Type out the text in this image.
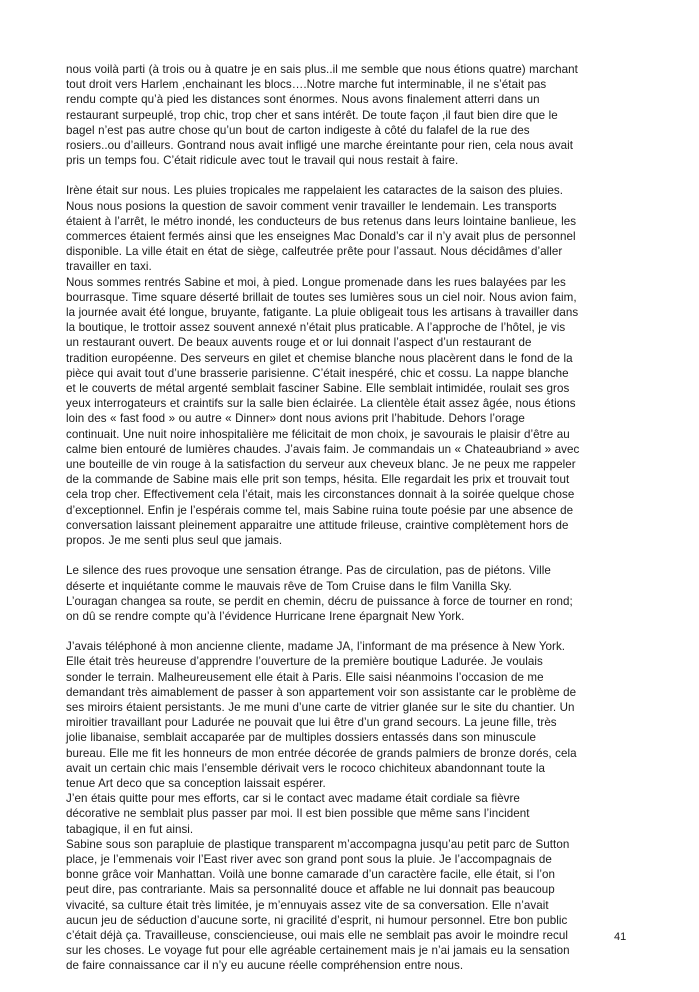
nous voilà parti (à trois ou à quatre je en sais plus..il me semble que nous étions quatre) marchant
tout droit vers Harlem ,enchainant les blocs….Notre marche fut interminable, il ne s’était pas
rendu compte qu’à pied les distances sont énormes. Nous avons finalement atterri dans un
restaurant surpeuplé, trop chic, trop cher et sans intérêt. De toute façon ,il faut bien dire que le
bagel n’est pas autre chose qu’un bout de carton indigeste à côté du falafel de la rue des
rosiers..ou d’ailleurs. Gontrand nous avait infligé une marche éreintante pour rien, cela nous avait
pris un temps fou. C’était ridicule avec tout le travail qui nous restait à faire.

Irène était sur nous. Les pluies tropicales me rappelaient les cataractes de la saison des pluies.
Nous nous posions la question de savoir comment venir travailler le lendemain. Les transports
étaient à l’arrêt, le métro inondé, les conducteurs de bus retenus dans leurs lointaine banlieue, les
commerces étaient fermés ainsi que les enseignes Mac Donald’s car il n’y avait plus de personnel
disponible. La ville était en état de siège, calfeutrée prête pour l’assaut. Nous décidâmes d’aller
travailler en taxi.
Nous sommes rentrés Sabine et moi, à pied. Longue promenade dans les rues balayées par les
bourrasque. Time square déserté brillait de toutes ses lumières sous un ciel noir. Nous avion faim,
la journée avait été longue, bruyante, fatigante. La pluie obligeait tous les artisans à travailler dans
la boutique, le trottoir assez souvent annexé n’était plus praticable. A l’approche de l’hôtel, je vis
un restaurant ouvert. De beaux auvents rouge et or lui donnait l’aspect d’un restaurant de
tradition européenne. Des serveurs en gilet et chemise blanche nous placèrent dans le fond de la
pièce qui avait tout d’une brasserie parisienne. C’était inespéré, chic et cossu. La nappe blanche
et le couverts de métal argenté semblait fasciner Sabine. Elle semblait intimidée, roulait ses gros
yeux interrogateurs et craintifs sur la salle bien éclairée. La clientèle était assez âgée, nous étions
loin des « fast food » ou autre « Dinner» dont nous avions prit l’habitude. Dehors l’orage
continuait. Une nuit noire inhospitalière me félicitait de mon choix, je savourais le plaisir d’être au
calme bien entouré de lumières chaudes. J’avais faim. Je commandais un « Chateaubriand » avec
une bouteille de vin rouge à la satisfaction du serveur aux cheveux blanc. Je ne peux me rappeler
de la commande de Sabine mais elle prit son temps, hésita. Elle regardait les prix et trouvait tout
cela trop cher. Effectivement cela l’était, mais les circonstances donnait à la soirée quelque chose
d’exceptionnel. Enfin je l’espérais comme tel, mais Sabine ruina toute poésie par une absence de
conversation laissant pleinement apparaitre une attitude frileuse, craintive complètement hors de
propos. Je me senti plus seul que jamais.

Le silence des rues provoque une sensation étrange. Pas de circulation, pas de piétons. Ville
déserte et inquiétante comme le mauvais rêve de Tom Cruise dans le film Vanilla Sky.
L’ouragan changea sa route, se perdit en chemin, décru de puissance à force de tourner en rond;
on dû se rendre compte qu’à l’évidence Hurricane Irene épargnait New York.

J’avais téléphoné à mon ancienne cliente, madame JA, l’informant de ma présence à New York.
Elle était très heureuse d’apprendre l’ouverture de la première boutique Ladurée. Je voulais
sonder le terrain. Malheureusement elle était à Paris. Elle saisi néanmoins l’occasion de me
demandant très aimablement de passer à son appartement voir son assistante car le problème de
ses miroirs étaient persistants. Je me muni d’une carte de vitrier glanée sur le site du chantier. Un
miroitier travaillant pour Ladurée ne pouvait que lui être d’un grand secours. La jeune fille, très
jolie libanaise, semblait accaparée par de multiples dossiers entassés dans son minuscule
bureau. Elle me fit les honneurs de mon entrée décorée de grands palmiers de bronze dorés, cela
avait un certain chic mais l’ensemble dérivait vers le rococo chichiteux abandonnant toute la
tenue Art deco que sa conception laissait espérer.
J’en étais quitte pour mes efforts, car si le contact avec madame était cordiale sa fièvre
décorative ne semblait plus passer par moi. Il est bien possible que même sans l’incident
tabagique, il en fut ainsi.
Sabine sous son parapluie de plastique transparent m’accompagna jusqu’au petit parc de Sutton
place, je l’emmenais voir l’East river avec son grand pont sous la pluie. Je l’accompagnais de
bonne grâce voir Manhattan. Voilà une bonne camarade d’un caractère facile, elle était, si l’on
peut dire, pas contrariante. Mais sa personnalité douce et affable ne lui donnait pas beaucoup
vivacité, sa culture était très limitée, je m’ennuyais assez vite de sa conversation. Elle n’avait
aucun jeu de séduction d’aucune sorte, ni gracilité d’esprit, ni humour personnel. Etre bon public
c’était déjà ça. Travailleuse, consciencieuse, oui mais elle ne semblait pas avoir le moindre recul
sur les choses. Le voyage fut pour elle agréable certainement mais je n’ai jamais eu la sensation
de faire connaissance car il n’y eu aucune réelle compréhension entre nous.

41
